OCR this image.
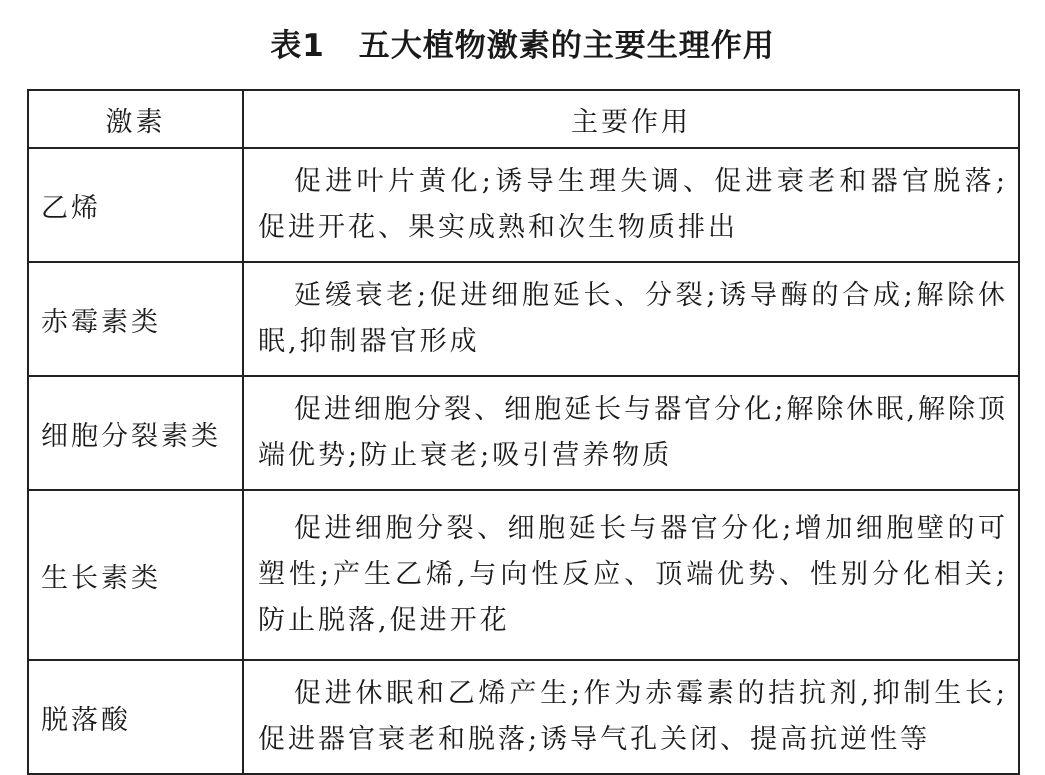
表1 五大植物激素的主要生理作用
激素	主要作用
乙烯	促进叶片黄化;诱导生理失调、促进衰老和器官脱落;促进开花、果实成熟和次生物质排出
赤霉素类	延缓衰老;促进细胞延长、分裂;诱导酶的合成;解除休眠,抑制器官形成
细胞分裂素类	促进细胞分裂、细胞延长与器官分化;解除休眠,解除顶端优势;防止衰老;吸引营养物质
生长素类	促进细胞分裂、细胞延长与器官分化;增加细胞壁的可塑性;产生乙烯,与向性反应、顶端优势、性别分化相关;防止脱落,促进开花
脱落酸	促进休眠和乙烯产生;作为赤霉素的拮抗剂,抑制生长;促进器官衰老和脱落;诱导气孔关闭、提高抗逆性等
